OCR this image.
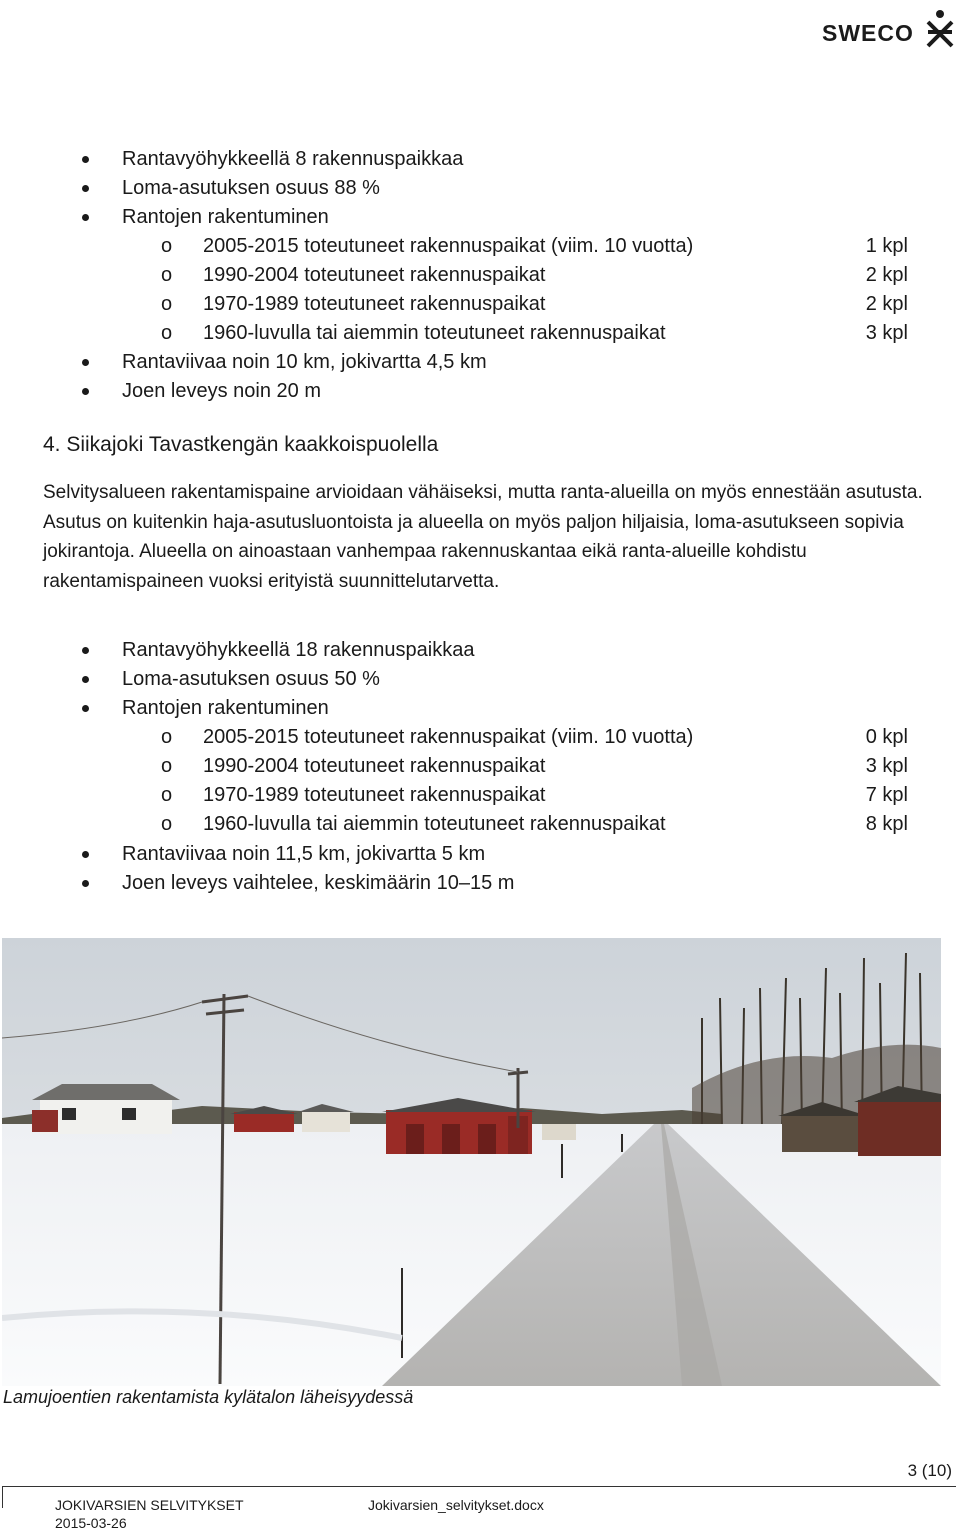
SWECO
Rantavyöhykkeellä 8 rakennuspaikkaa
Loma-asutuksen osuus 88 %
Rantojen rakentuminen
o 2005-2015 toteutuneet rakennuspaikat (viim. 10 vuotta)	1 kpl
o 1990-2004 toteutuneet rakennuspaikat	2 kpl
o 1970-1989 toteutuneet rakennuspaikat	2 kpl
o 1960-luvulla tai aiemmin toteutuneet rakennuspaikat	3 kpl
Rantaviivaa noin 10 km, jokivartta 4,5 km
Joen leveys noin 20 m
4. Siikajoki Tavastkengän kaakkoispuolella
Selvitysalueen rakentamispaine arvioidaan vähäiseksi, mutta ranta-alueilla on myös ennestään asutusta. Asutus on kuitenkin haja-asutusluontoista ja alueella on myös paljon hiljaisia, loma-asutukseen sopivia jokirantoja. Alueella on ainoastaan vanhempaa rakennuskantaa eikä ranta-alueille kohdistu rakentamispaineen vuoksi erityistä suunnittelutarvetta.
Rantavyöhykkeellä 18 rakennuspaikkaa
Loma-asutuksen osuus 50 %
Rantojen rakentuminen
o 2005-2015 toteutuneet rakennuspaikat (viim. 10 vuotta)	0 kpl
o 1990-2004 toteutuneet rakennuspaikat	3 kpl
o 1970-1989 toteutuneet rakennuspaikat	7 kpl
o 1960-luvulla tai aiemmin toteutuneet rakennuspaikat	8 kpl
Rantaviivaa noin 11,5 km, jokivartta 5 km
Joen leveys vaihtelee, keskimäärin 10–15 m
Lamujoentien rakentamista kylätalon läheisyydessä
3 (10)
JOKIVARSIEN SELVITYKSET
2015-03-26
Jokivarsien_selvitykset.docx
